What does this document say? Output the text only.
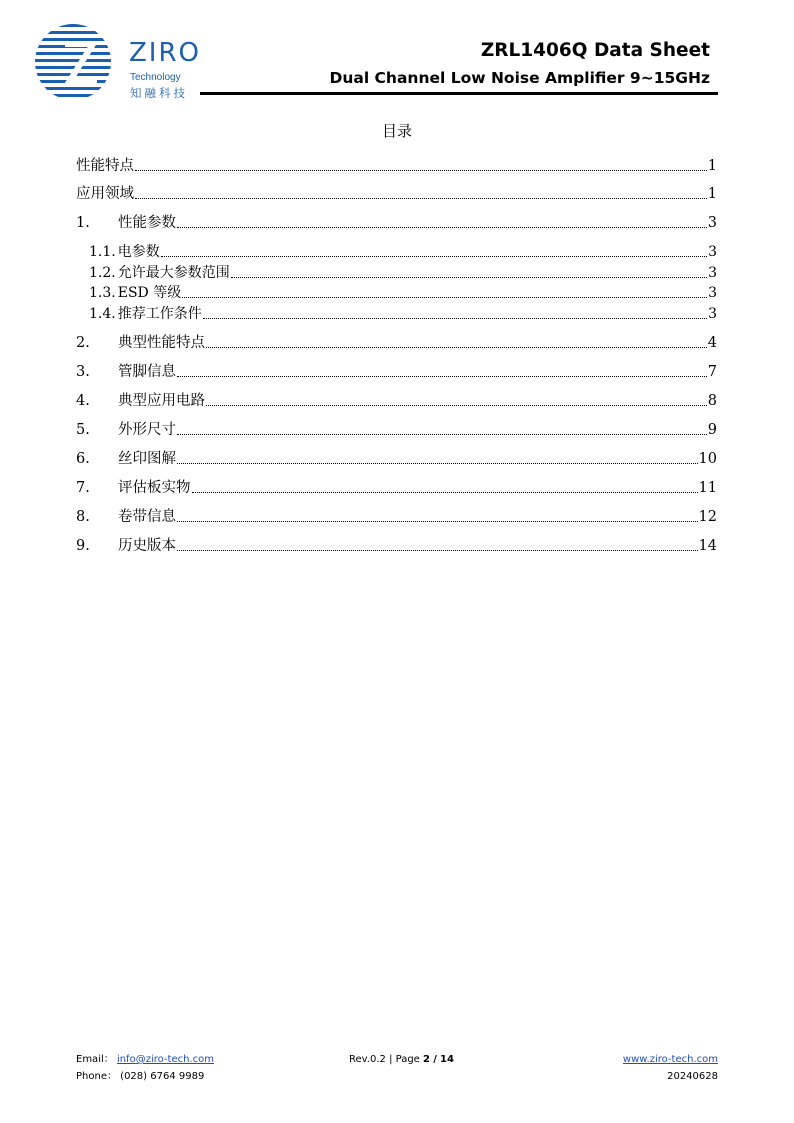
ZIRO
Technology
知融科技
ZRL1406Q Data Sheet
Dual Channel Low Noise Amplifier 9~15GHz
目录
性能特点	1
应用领域	1
1.	性能参数	3
1.1. 电参数	3
1.2. 允许最大参数范围	3
1.3. ESD 等级	3
1.4. 推荐工作条件	3
2.	典型性能特点	4
3.	管脚信息	7
4.	典型应用电路	8
5.	外形尺寸	9
6.	丝印图解	10
7.	评估板实物	11
8.	卷带信息	12
9.	历史版本	14
Email： info@ziro-tech.com
Phone： (028) 6764 9989
Rev.0.2 | Page 2 / 14	www.ziro-tech.com
20240628
